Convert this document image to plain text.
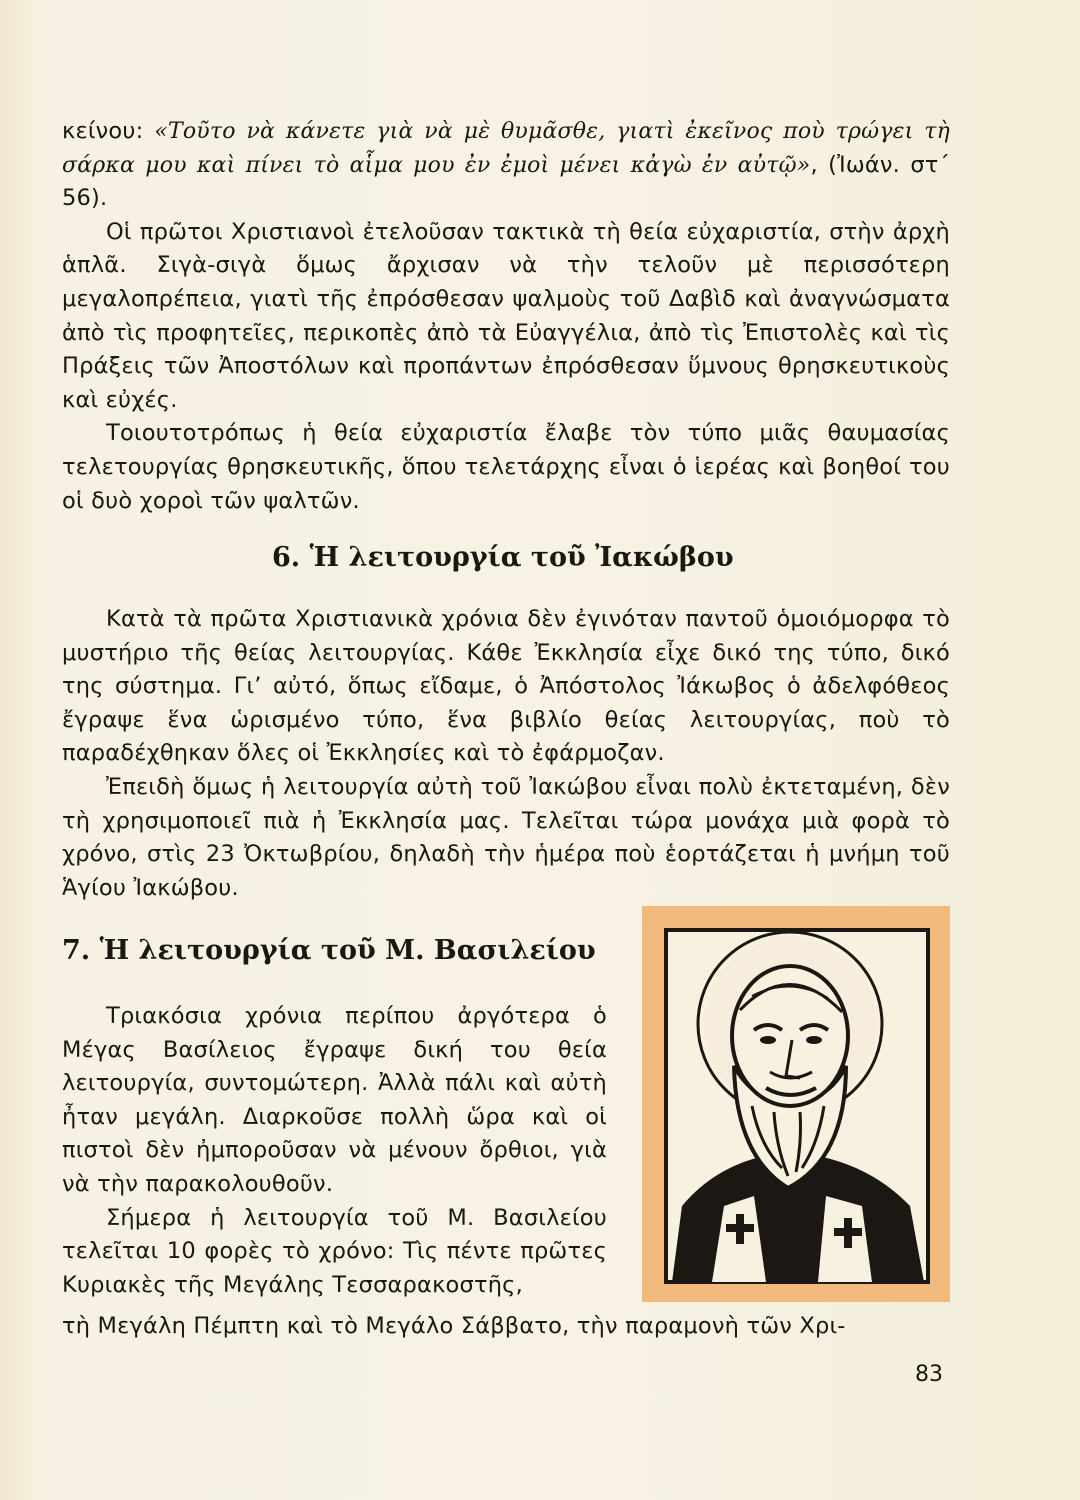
κείνου: «Τοῦτο νὰ κάνετε γιὰ νὰ μὲ θυμᾶσθε, γιατὶ ἐκεῖνος ποὺ τρώγει τὴ σάρκα μου καὶ πίνει τὸ αἷμα μου ἐν ἐμοὶ μένει κἀγὼ ἐν αὐτῷ», (Ἰωάν. στ´ 56).

Οἱ πρῶτοι Χριστιανοὶ ἐτελοῦσαν τακτικὰ τὴ θεία εὐχαριστία, στὴν ἀρχὴ ἁπλᾶ. Σιγὰ-σιγὰ ὅμως ἄρχισαν νὰ τὴν τελοῦν μὲ περισσότερη μεγαλοπρέπεια, γιατὶ τῆς ἐπρόσθεσαν ψαλμοὺς τοῦ Δαβὶδ καὶ ἀναγνώσματα ἀπὸ τὶς προφητεῖες, περικοπὲς ἀπὸ τὰ Εὐαγγέλια, ἀπὸ τὶς Ἐπιστολὲς καὶ τὶς Πράξεις τῶν Ἀποστόλων καὶ προπάντων ἐπρόσθεσαν ὕμνους θρησκευτικοὺς καὶ εὐχές.

Τοιουτοτρόπως ἡ θεία εὐχαριστία ἔλαβε τὸν τύπο μιᾶς θαυμασίας τελετουργίας θρησκευτικῆς, ὅπου τελετάρχης εἶναι ὁ ἱερέας καὶ βοηθοί του οἱ δυὸ χοροὶ τῶν ψαλτῶν.

6. Ἡ λειτουργία τοῦ Ἰακώβου

Κατὰ τὰ πρῶτα Χριστιανικὰ χρόνια δὲν ἐγινόταν παντοῦ ὁμοιόμορφα τὸ μυστήριο τῆς θείας λειτουργίας. Κάθε Ἐκκλησία εἶχε δικό της τύπο, δικό της σύστημα. Γι’ αὐτό, ὅπως εἴδαμε, ὁ Ἀπόστολος Ἰάκωβος ὁ ἀδελφόθεος ἔγραψε ἕνα ὡρισμένο τύπο, ἕνα βιβλίο θείας λειτουργίας, ποὺ τὸ παραδέχθηκαν ὅλες οἱ Ἐκκλησίες καὶ τὸ ἐφάρμοζαν.

Ἐπειδὴ ὅμως ἡ λειτουργία αὐτὴ τοῦ Ἰακώβου εἶναι πολὺ ἐκτεταμένη, δὲν τὴ χρησιμοποιεῖ πιὰ ἡ Ἐκκλησία μας. Τελεῖται τώρα μονάχα μιὰ φορὰ τὸ χρόνο, στὶς 23 Ὀκτωβρίου, δηλαδὴ τὴν ἡμέρα ποὺ ἑορτάζεται ἡ μνήμη τοῦ Ἁγίου Ἰακώβου.

7. Ἡ λειτουργία τοῦ Μ. Βασιλείου

Τριακόσια χρόνια περίπου ἀργότερα ὁ Μέγας Βασίλειος ἔγραψε δική του θεία λειτουργία, συντομώτερη. Ἀλλὰ πάλι καὶ αὐτὴ ἦταν μεγάλη. Διαρκοῦσε πολλὴ ὥρα καὶ οἱ πιστοὶ δὲν ἠμποροῦσαν νὰ μένουν ὄρθιοι, γιὰ νὰ τὴν παρακολουθοῦν.

Σήμερα ἡ λειτουργία τοῦ Μ. Βασιλείου τελεῖται 10 φορὲς τὸ χρόνο: Τὶς πέντε πρῶτες Κυριακὲς τῆς Μεγάλης Τεσσαρακοστῆς,

τὴ Μεγάλη Πέμπτη καὶ τὸ Μεγάλο Σάββατο, τὴν παραμονὴ τῶν Χρι-

83
